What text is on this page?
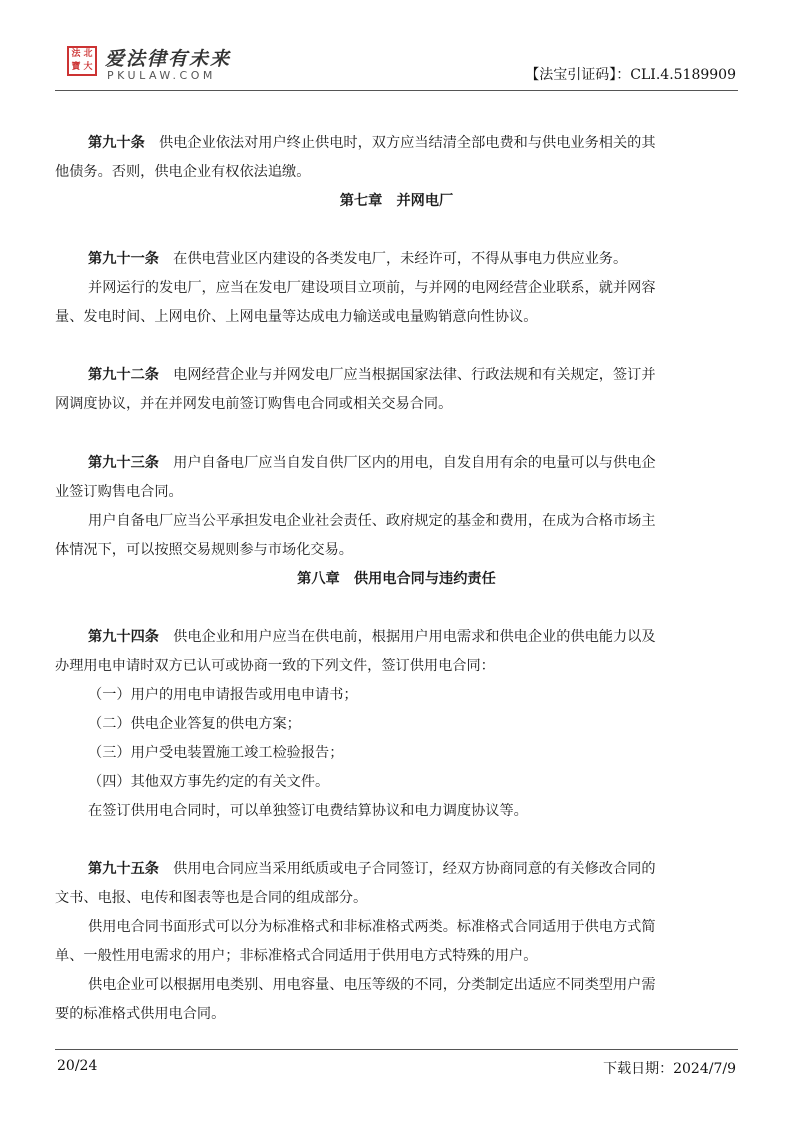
法 北
寶 大 爱法律有未来
PKULAW.COM	【法宝引证码】：CLI.4.5189909
第九十条　 供电企业依法对用户终止供电时，双方应当结清全部电费和与供电业务相关的其
他债务。否则，供电企业有权依法追缴。
第七章　并网电厂
第九十一条　 在供电营业区内建设的各类发电厂，未经许可，不得从事电力供应业务。
并网运行的发电厂，应当在发电厂建设项目立项前，与并网的电网经营企业联系，就并网容
量、发电时间、上网电价、上网电量等达成电力输送或电量购销意向性协议。
第九十二条　 电网经营企业与并网发电厂应当根据国家法律、行政法规和有关规定，签订并
网调度协议，并在并网发电前签订购售电合同或相关交易合同。
第九十三条　 用户自备电厂应当自发自供厂区内的用电，自发自用有余的电量可以与供电企
业签订购售电合同。
用户自备电厂应当公平承担发电企业社会责任、政府规定的基金和费用，在成为合格市场主
体情况下，可以按照交易规则参与市场化交易。
第八章　供用电合同与违约责任
第九十四条　 供电企业和用户应当在供电前，根据用户用电需求和供电企业的供电能力以及
办理用电申请时双方已认可或协商一致的下列文件，签订供用电合同：
（一）用户的用电申请报告或用电申请书；
（二）供电企业答复的供电方案；
（三）用户受电装置施工竣工检验报告；
（四）其他双方事先约定的有关文件。
在签订供用电合同时，可以单独签订电费结算协议和电力调度协议等。
第九十五条　 供用电合同应当采用纸质或电子合同签订，经双方协商同意的有关修改合同的
文书、电报、电传和图表等也是合同的组成部分。
供用电合同书面形式可以分为标准格式和非标准格式两类。标准格式合同适用于供电方式简
单、一般性用电需求的用户；非标准格式合同适用于供用电方式特殊的用户。
供电企业可以根据用电类别、用电容量、电压等级的不同，分类制定出适应不同类型用户需
要的标准格式供用电合同。
20/24	下载日期：2024/7/9
